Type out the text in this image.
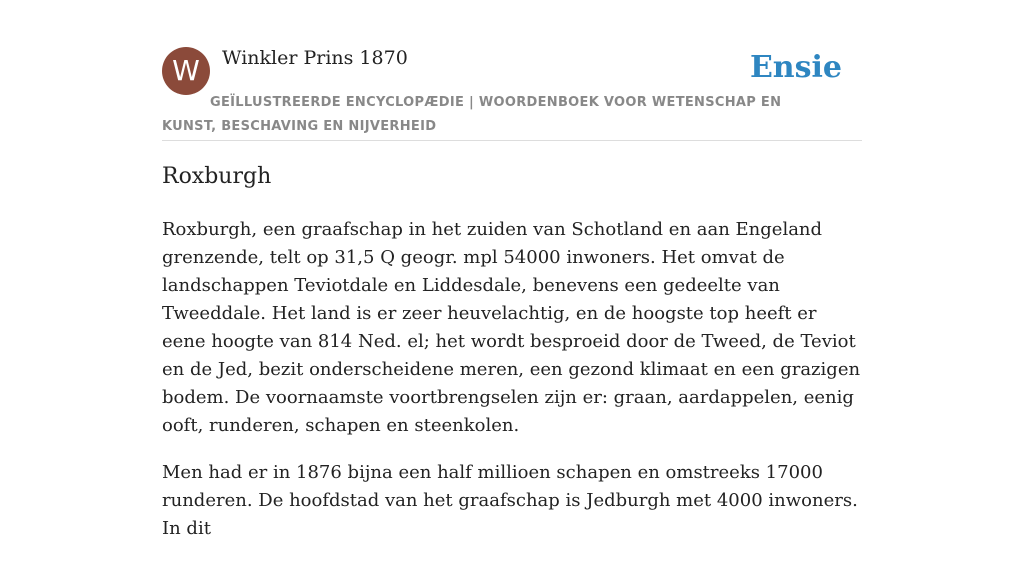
W	Winkler Prins 1870	Ensie
GEÏLLUSTREERDE ENCYCLOPÆDIE | WOORDENBOEK VOOR WETENSCHAP EN KUNST, BESCHAVING EN NIJVERHEID
Roxburgh

Roxburgh, een graafschap in het zuiden van Schotland en aan Engeland grenzende, telt op 31,5 Q geogr. mpl 54000 inwoners. Het omvat de landschappen Teviotdale en Liddesdale, benevens een gedeelte van Tweeddale. Het land is er zeer heuvelachtig, en de hoogste top heeft er eene hoogte van 814 Ned. el; het wordt besproeid door de Tweed, de Teviot en de Jed, bezit onderscheidene meren, een gezond klimaat en een grazigen bodem. De voornaamste voortbrengselen zijn er: graan, aardappelen, eenig ooft, runderen, schapen en steenkolen.

Men had er in 1876 bijna een half millioen schapen en omstreeks 17000 runderen. De hoofdstad van het graafschap is Jedburgh met 4000 inwoners. In dit
